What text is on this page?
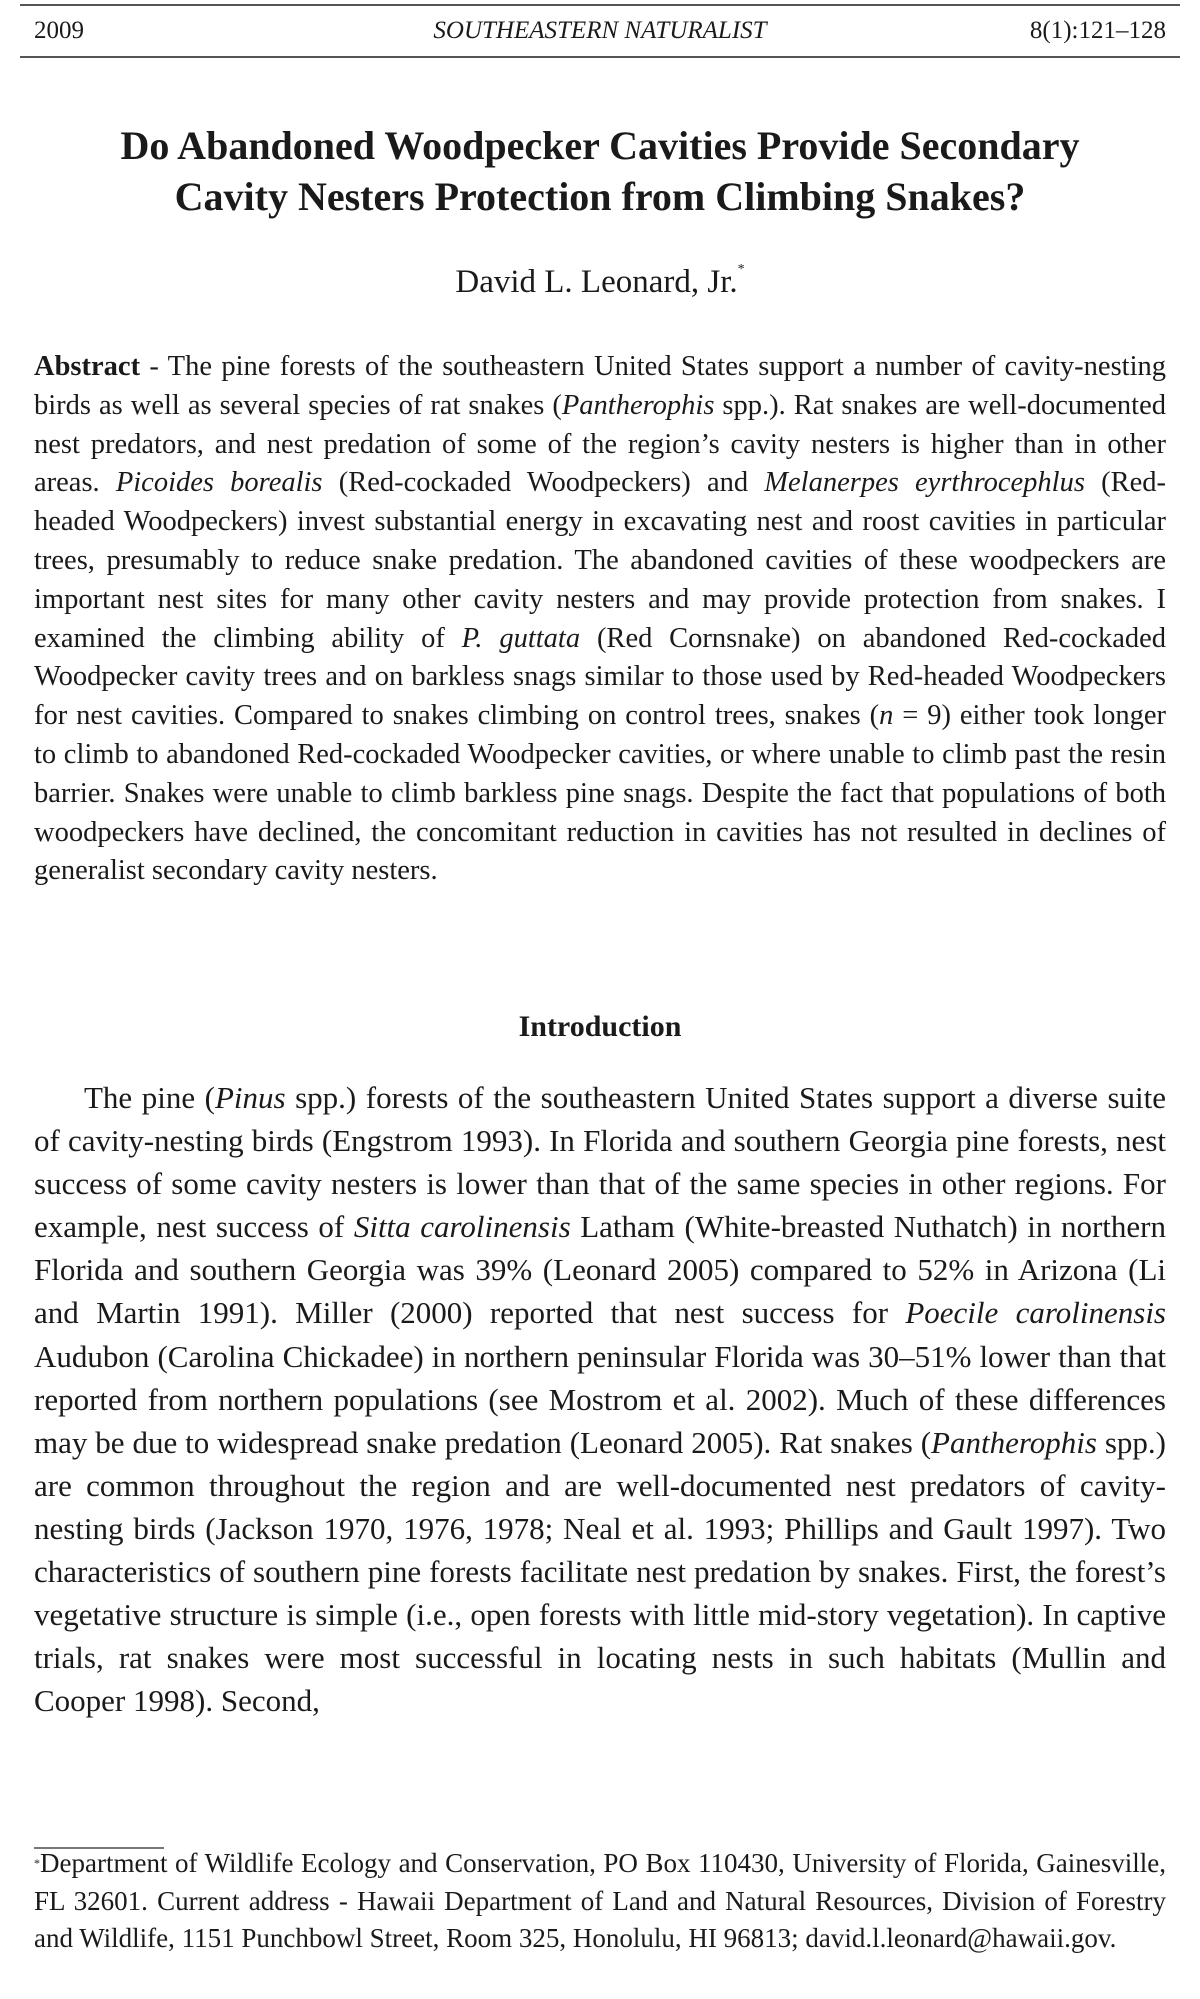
2009	SOUTHEASTERN NATURALIST	8(1):121–128
Do Abandoned Woodpecker Cavities Provide Secondary
Cavity Nesters Protection from Climbing Snakes?
David L. Leonard, Jr.*
Abstract - The pine forests of the southeastern United States support a number of cavity-nesting birds as well as several species of rat snakes (Pantherophis spp.). Rat snakes are well-documented nest predators, and nest predation of some of the region’s cavity nesters is higher than in other areas. Picoides borealis (Red-cockaded Woodpeckers) and Melanerpes eyrthrocephlus (Red-headed Woodpeckers) invest substantial energy in excavating nest and roost cavities in particular trees, presumably to reduce snake predation. The abandoned cavities of these woodpeckers are important nest sites for many other cavity nesters and may provide protection from snakes. I examined the climbing ability of P. guttata (Red Cornsnake) on abandoned Red-cockaded Woodpecker cavity trees and on barkless snags similar to those used by Red-headed Woodpeckers for nest cavities. Compared to snakes climbing on control trees, snakes (n = 9) either took longer to climb to abandoned Red-cockaded Woodpecker cavities, or where unable to climb past the resin barrier. Snakes were unable to climb barkless pine snags. Despite the fact that populations of both woodpeckers have declined, the concomitant reduction in cavities has not resulted in declines of generalist secondary cavity nesters.
Introduction
The pine (Pinus spp.) forests of the southeastern United States support a diverse suite of cavity-nesting birds (Engstrom 1993). In Florida and southern Georgia pine forests, nest success of some cavity nesters is lower than that of the same species in other regions. For example, nest success of Sitta carolinensis Latham (White-breasted Nuthatch) in northern Florida and southern Georgia was 39% (Leonard 2005) compared to 52% in Arizona (Li and Martin 1991). Miller (2000) reported that nest success for Poecile carolinensis Audubon (Carolina Chickadee) in northern peninsular Florida was 30–51% lower than that reported from northern populations (see Mostrom et al. 2002). Much of these differences may be due to widespread snake predation (Leonard 2005). Rat snakes (Pantherophis spp.) are common throughout the region and are well-documented nest predators of cavity-nesting birds (Jackson 1970, 1976, 1978; Neal et al. 1993; Phillips and Gault 1997). Two characteristics of southern pine forests facilitate nest predation by snakes. First, the forest’s vegetative structure is simple (i.e., open forests with little mid-story vegetation). In captive trials, rat snakes were most successful in locating nests in such habitats (Mullin and Cooper 1998). Second,
*Department of Wildlife Ecology and Conservation, PO Box 110430, University of Florida, Gainesville, FL 32601. Current address - Hawaii Department of Land and Natural Resources, Division of Forestry and Wildlife, 1151 Punchbowl Street, Room 325, Honolulu, HI 96813; david.l.leonard@hawaii.gov.
